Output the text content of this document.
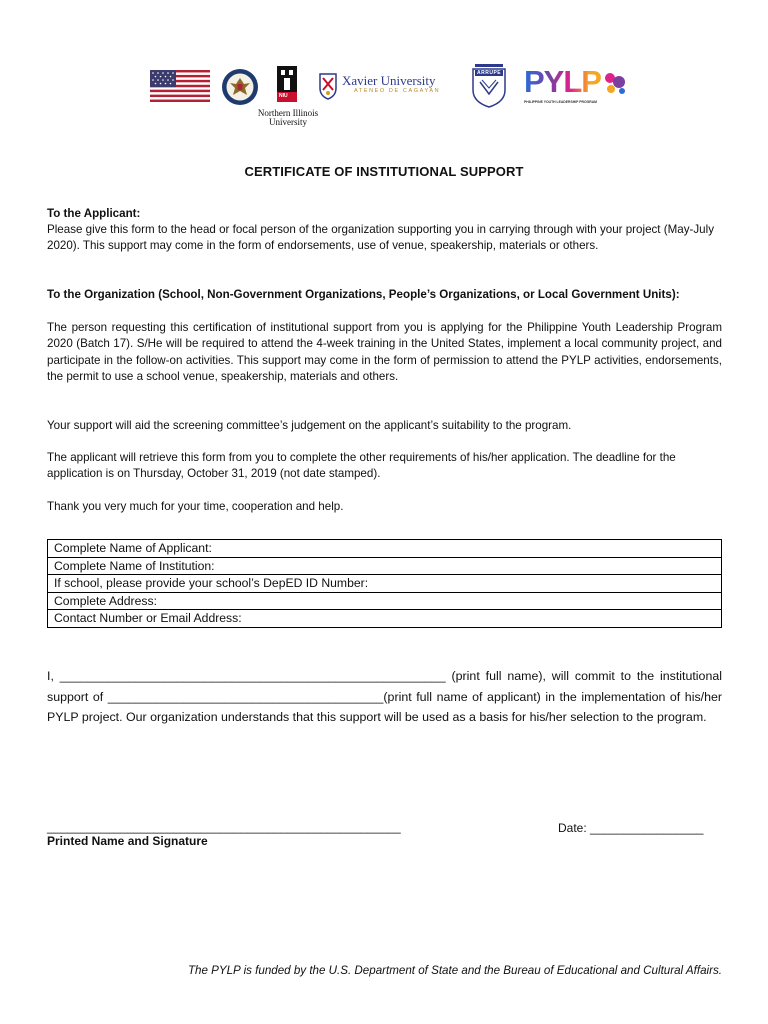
NIU
Northern Illinois
University
Xavier University
ATENEO DE CAGAYAN
ARRUPE PYLP
PHILIPPINE YOUTH LEADERSHIP PROGRAM
CERTIFICATE OF INSTITUTIONAL SUPPORT
To the Applicant:
Please give this form to the head or focal person of the organization supporting you in carrying through with your project (May-July 2020). This support may come in the form of endorsements, use of venue, speakership, materials or others.
To the Organization (School, Non-Government Organizations, People’s Organizations, or Local Government Units):
The person requesting this certification of institutional support from you is applying for the Philippine Youth Leadership Program 2020 (Batch 17). S/He will be required to attend the 4-week training in the United States, implement a local community project, and participate in the follow-on activities. This support may come in the form of permission to attend the PYLP activities, endorsements, the permit to use a school venue, speakership, materials and others.
Your support will aid the screening committee’s judgement on the applicant’s suitability to the program.
The applicant will retrieve this form from you to complete the other requirements of his/her application. The deadline for the application is on Thursday, October 31, 2019 (not date stamped).
Thank you very much for your time, cooperation and help.
Complete Name of Applicant:
Complete Name of Institution:
If school, please provide your school’s DepED ID Number:
Complete Address:
Contact Number or Email Address:
I, ________________________________________________________ (print full name), will commit to the institutional support of ________________________________________(print full name of applicant) in the implementation of his/her PYLP project. Our organization understands that this support will be used as a basis for his/her selection to the program.
_____________________________________________________
Printed Name and Signature
Date: _________________
The PYLP is funded by the U.S. Department of State and the Bureau of Educational and Cultural Affairs.
